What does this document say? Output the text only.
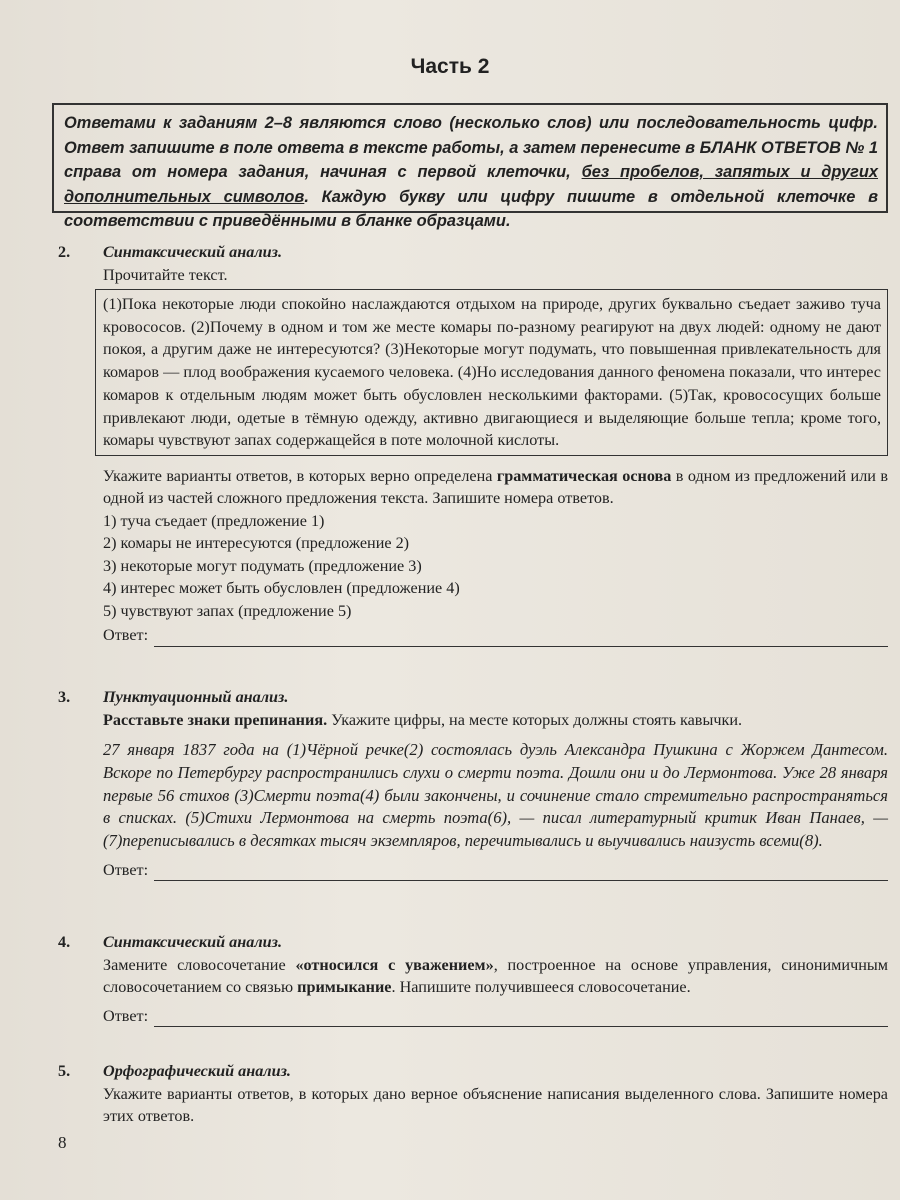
Часть 2
Ответами к заданиям 2–8 являются слово (несколько слов) или последовательность цифр. Ответ запишите в поле ответа в тексте работы, а затем перенесите в БЛАНК ОТВЕТОВ № 1 справа от номера задания, начиная с первой клеточки, без пробелов, запятых и других дополнительных символов. Каждую букву или цифру пишите в отдельной клеточке в соответствии с приведёнными в бланке образцами.
2. Синтаксический анализ.
Прочитайте текст.
(1)Пока некоторые люди спокойно наслаждаются отдыхом на природе, других буквально съедает заживо туча кровососов. (2)Почему в одном и том же месте комары по-разному реагируют на двух людей: одному не дают покоя, а другим даже не интересуются? (3)Некоторые могут подумать, что повышенная привлекательность для комаров — плод воображения кусаемого человека. (4)Но исследования данного феномена показали, что интерес комаров к отдельным людям может быть обусловлен несколькими факторами. (5)Так, кровососущих больше привлекают люди, одетые в тёмную одежду, активно двигающиеся и выделяющие больше тепла; кроме того, комары чувствуют запах содержащейся в поте молочной кислоты.
Укажите варианты ответов, в которых верно определена грамматическая основа в одном из предложений или в одной из частей сложного предложения текста. Запишите номера ответов.
1) туча съедает (предложение 1)
2) комары не интересуются (предложение 2)
3) некоторые могут подумать (предложение 3)
4) интерес может быть обусловлен (предложение 4)
5) чувствуют запах (предложение 5)
Ответ:
3. Пунктуационный анализ.
Расставьте знаки препинания. Укажите цифры, на месте которых должны стоять кавычки.
27 января 1837 года на (1)Чёрной речке(2) состоялась дуэль Александра Пушкина с Жоржем Дантесом. Вскоре по Петербургу распространились слухи о смерти поэта. Дошли они и до Лермонтова. Уже 28 января первые 56 стихов (3)Смерти поэта(4) были закончены, и сочинение стало стремительно распространяться в списках. (5)Стихи Лермонтова на смерть поэта(6), — писал литературный критик Иван Панаев, — (7)переписывались в десятках тысяч экземпляров, перечитывались и выучивались наизусть всеми(8).
Ответ:
4. Синтаксический анализ.
Замените словосочетание «относился с уважением», построенное на основе управления, синонимичным словосочетанием со связью примыкание. Напишите получившееся словосочетание.
Ответ:
5. Орфографический анализ.
Укажите варианты ответов, в которых дано верное объяснение написания выделенного слова. Запишите номера этих ответов.
8
